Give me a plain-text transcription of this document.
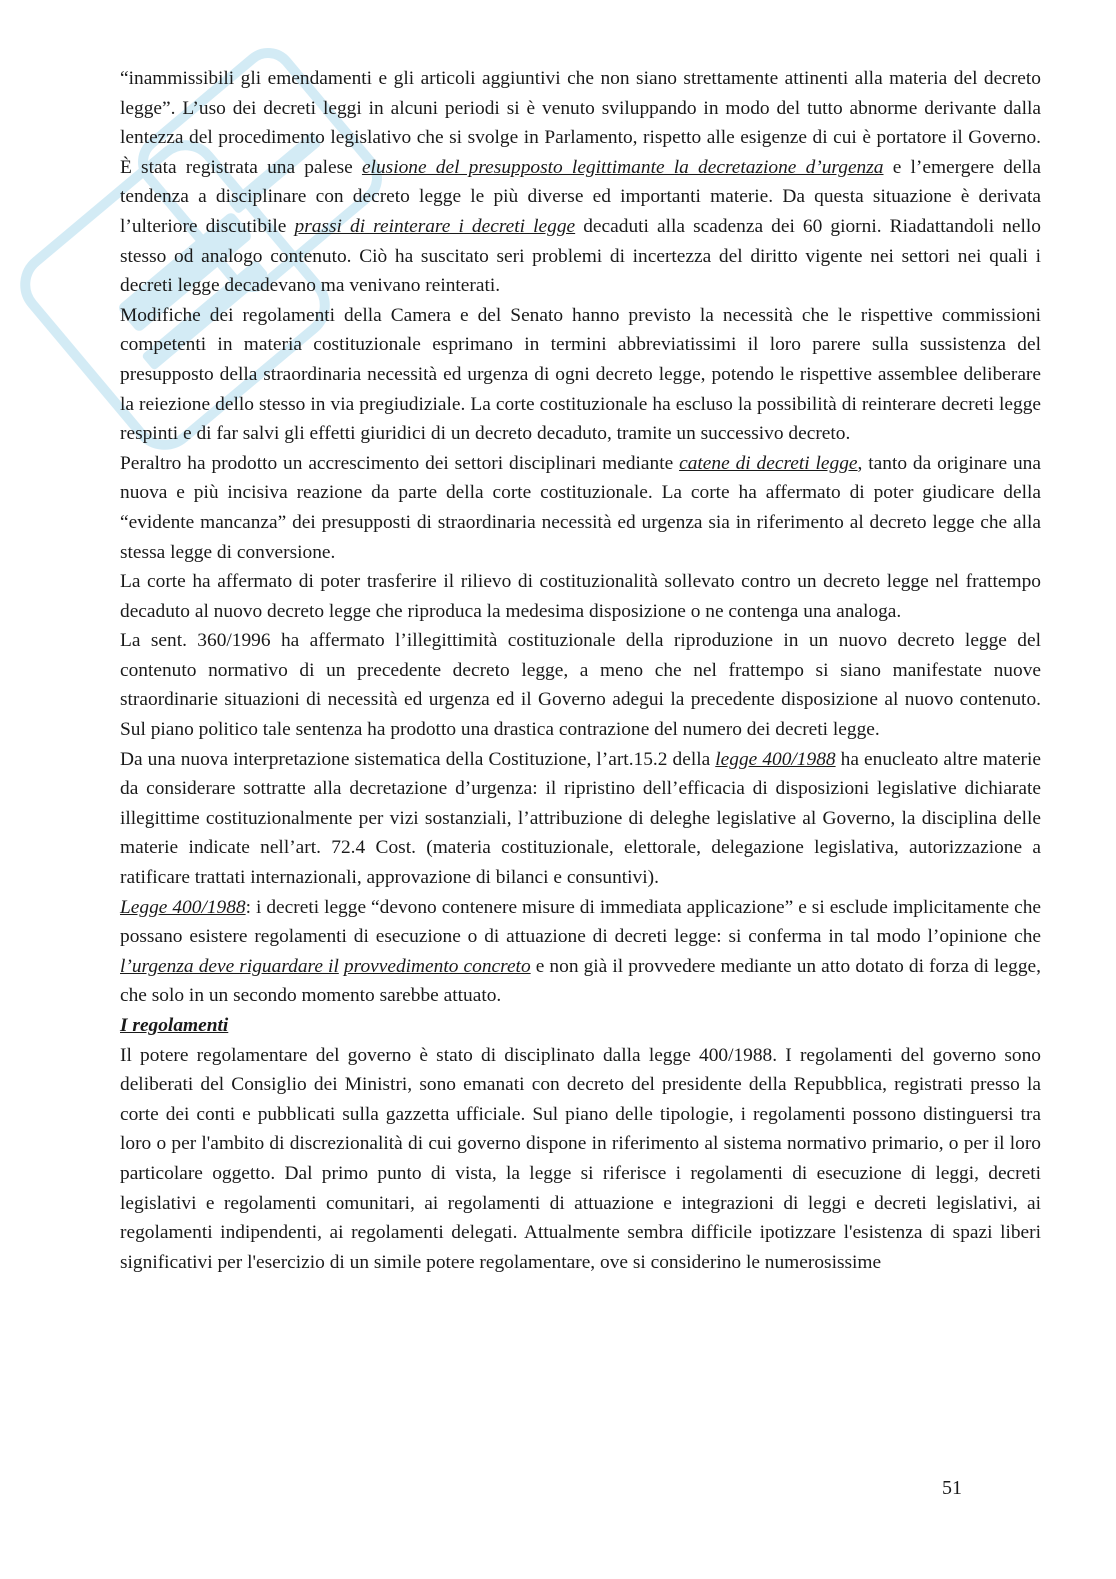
“inammissibili gli emendamenti e gli articoli aggiuntivi che non siano strettamente attinenti alla materia del decreto legge”. L’uso dei decreti leggi in alcuni periodi si è venuto sviluppando in modo del tutto abnorme derivante dalla lentezza del procedimento legislativo che si svolge in Parlamento, rispetto alle esigenze di cui è portatore il Governo. È stata registrata una palese elusione del presupposto legittimante la decretazione d’urgenza e l’emergere della tendenza a disciplinare con decreto legge le più diverse ed importanti materie. Da questa situazione è derivata l’ulteriore discutibile prassi di reinterare i decreti legge decaduti alla scadenza dei 60 giorni. Riadattandoli nello stesso od analogo contenuto. Ciò ha suscitato seri problemi di incertezza del diritto vigente nei settori nei quali i decreti legge decadevano ma venivano reinterati.

Modifiche dei regolamenti della Camera e del Senato hanno previsto la necessità che le rispettive commissioni competenti in materia costituzionale esprimano in termini abbreviatissimi il loro parere sulla sussistenza del presupposto della straordinaria necessità ed urgenza di ogni decreto legge, potendo le rispettive assemblee deliberare la reiezione dello stesso in via pregiudiziale. La corte costituzionale ha escluso la possibilità di reinterare decreti legge respinti e di far salvi gli effetti giuridici di un decreto decaduto, tramite un successivo decreto.

Peraltro ha prodotto un accrescimento dei settori disciplinari mediante catene di decreti legge, tanto da originare una nuova e più incisiva reazione da parte della corte costituzionale. La corte ha affermato di poter giudicare della “evidente mancanza” dei presupposti di straordinaria necessità ed urgenza sia in riferimento al decreto legge che alla stessa legge di conversione.

La corte ha affermato di poter trasferire il rilievo di costituzionalità sollevato contro un decreto legge nel frattempo decaduto al nuovo decreto legge che riproduca la medesima disposizione o ne contenga una analoga.

La sent. 360/1996 ha affermato l’illegittimità costituzionale della riproduzione in un nuovo decreto legge del contenuto normativo di un precedente decreto legge, a meno che nel frattempo si siano manifestate nuove straordinarie situazioni di necessità ed urgenza ed il Governo adegui la precedente disposizione al nuovo contenuto. Sul piano politico tale sentenza ha prodotto una drastica contrazione del numero dei decreti legge.

Da una nuova interpretazione sistematica della Costituzione, l’art.15.2 della legge 400/1988 ha enucleato altre materie da considerare sottratte alla decretazione d’urgenza: il ripristino dell’efficacia di disposizioni legislative dichiarate illegittime costituzionalmente per vizi sostanziali, l’attribuzione di deleghe legislative al Governo, la disciplina delle materie indicate nell’art. 72.4 Cost. (materia costituzionale, elettorale, delegazione legislativa, autorizzazione a ratificare trattati internazionali, approvazione di bilanci e consuntivi).

Legge 400/1988: i decreti legge “devono contenere misure di immediata applicazione” e si esclude implicitamente che possano esistere regolamenti di esecuzione o di attuazione di decreti legge: si conferma in tal modo l’opinione che l’urgenza deve riguardare il provvedimento concreto e non già il provvedere mediante un atto dotato di forza di legge, che solo in un secondo momento sarebbe attuato.

I regolamenti

Il potere regolamentare del governo è stato di disciplinato dalla legge 400/1988. I regolamenti del governo sono deliberati del Consiglio dei Ministri, sono emanati con decreto del presidente della Repubblica, registrati presso la corte dei conti e pubblicati sulla gazzetta ufficiale. Sul piano delle tipologie, i regolamenti possono distinguersi tra loro o per l'ambito di discrezionalità di cui governo dispone in riferimento al sistema normativo primario, o per il loro particolare oggetto. Dal primo punto di vista, la legge si riferisce i regolamenti di esecuzione di leggi, decreti legislativi e regolamenti comunitari, ai regolamenti di attuazione e integrazioni di leggi e decreti legislativi, ai regolamenti indipendenti, ai regolamenti delegati. Attualmente sembra difficile ipotizzare l'esistenza di spazi liberi significativi per l'esercizio di un simile potere regolamentare, ove si considerino le numerosissime

51
